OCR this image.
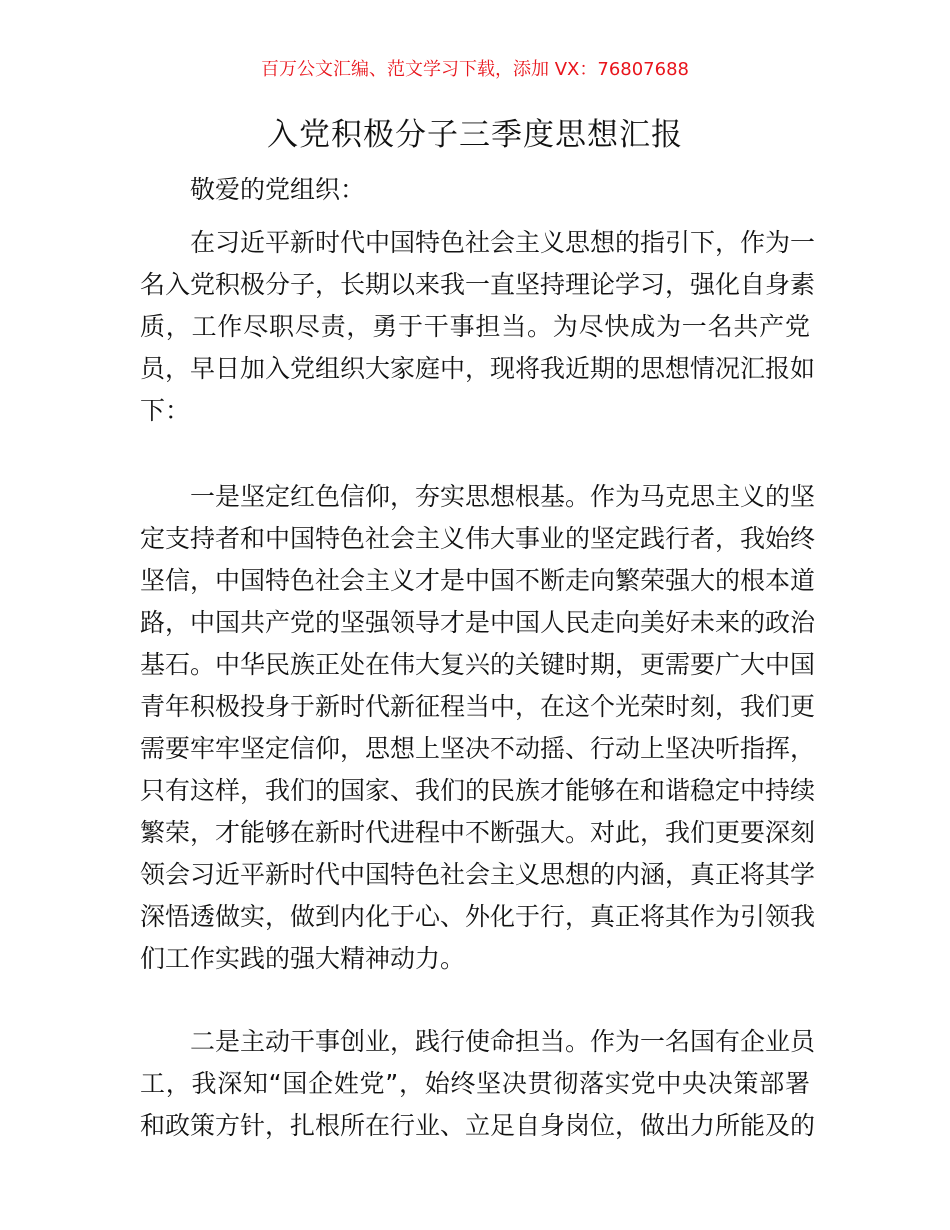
百万公文汇编、范文学习下载，添加 VX：76807688
入党积极分子三季度思想汇报
敬爱的党组织：
在习近平新时代中国特色社会主义思想的指引下，作为一
名入党积极分子，长期以来我一直坚持理论学习，强化自身素
质，工作尽职尽责，勇于干事担当。为尽快成为一名共产党
员，早日加入党组织大家庭中，现将我近期的思想情况汇报如
下：
一是坚定红色信仰，夯实思想根基。作为马克思主义的坚
定支持者和中国特色社会主义伟大事业的坚定践行者，我始终
坚信，中国特色社会主义才是中国不断走向繁荣强大的根本道
路，中国共产党的坚强领导才是中国人民走向美好未来的政治
基石。中华民族正处在伟大复兴的关键时期，更需要广大中国
青年积极投身于新时代新征程当中，在这个光荣时刻，我们更
需要牢牢坚定信仰，思想上坚决不动摇、行动上坚决听指挥，
只有这样，我们的国家、我们的民族才能够在和谐稳定中持续
繁荣，才能够在新时代进程中不断强大。对此，我们更要深刻
领会习近平新时代中国特色社会主义思想的内涵，真正将其学
深悟透做实，做到内化于心、外化于行，真正将其作为引领我
们工作实践的强大精神动力。
二是主动干事创业，践行使命担当。作为一名国有企业员
工，我深知“国企姓党”，始终坚决贯彻落实党中央决策部署
和政策方针，扎根所在行业、立足自身岗位，做出力所能及的
